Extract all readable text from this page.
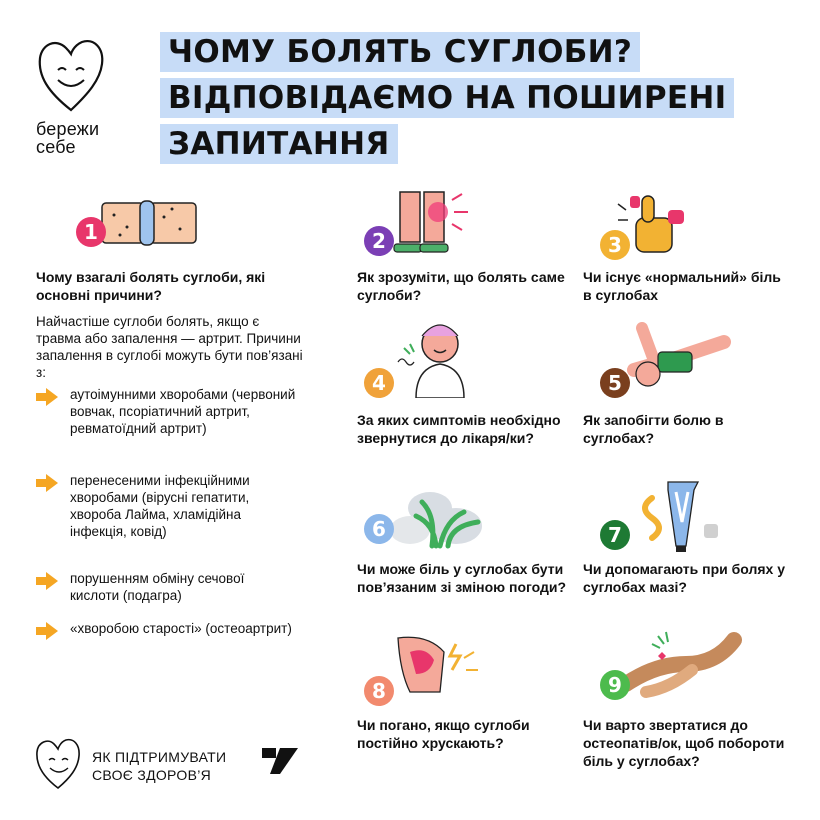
бережи
себе
ЧОМУ БОЛЯТЬ СУГЛОБИ?
ВІДПОВІДАЄМО НА ПОШИРЕНІ
ЗАПИТАННЯ
1
Чому взагалі болять суглоби, які основні причини?
Найчастіше суглоби болять, якщо є травма або запалення — артрит. Причини запалення в суглобі можуть бути пов’язані з:
аутоімунними хворобами (червоний вовчак, псоріатичний артрит, ревматоїдний артрит)
перенесеними інфекційними хворобами (вірусні гепатити, хвороба Лайма, хламідійна інфекція, ковід)
порушенням обміну сечової кислоти (подагра)
«хворобою старості» (остеоартрит)
2
Як зрозуміти, що болять саме суглоби?
3
Чи існує «нормальний» біль в суглобах
4
За яких симптомів необхідно звернутися до лікаря/ки?
5
Як запобігти болю в суглобах?
6
Чи може біль у суглобах бути пов’язаним зі зміною погоди?
7
Чи допомагають при болях у суглобах мазі?
8
Чи погано, якщо суглоби постійно хрускають?
9
Чи варто звертатися до остеопатів/ок, щоб побороти біль у суглобах?
ЯК ПІДТРИМУВАТИ
СВОЄ ЗДОРОВ’Я
